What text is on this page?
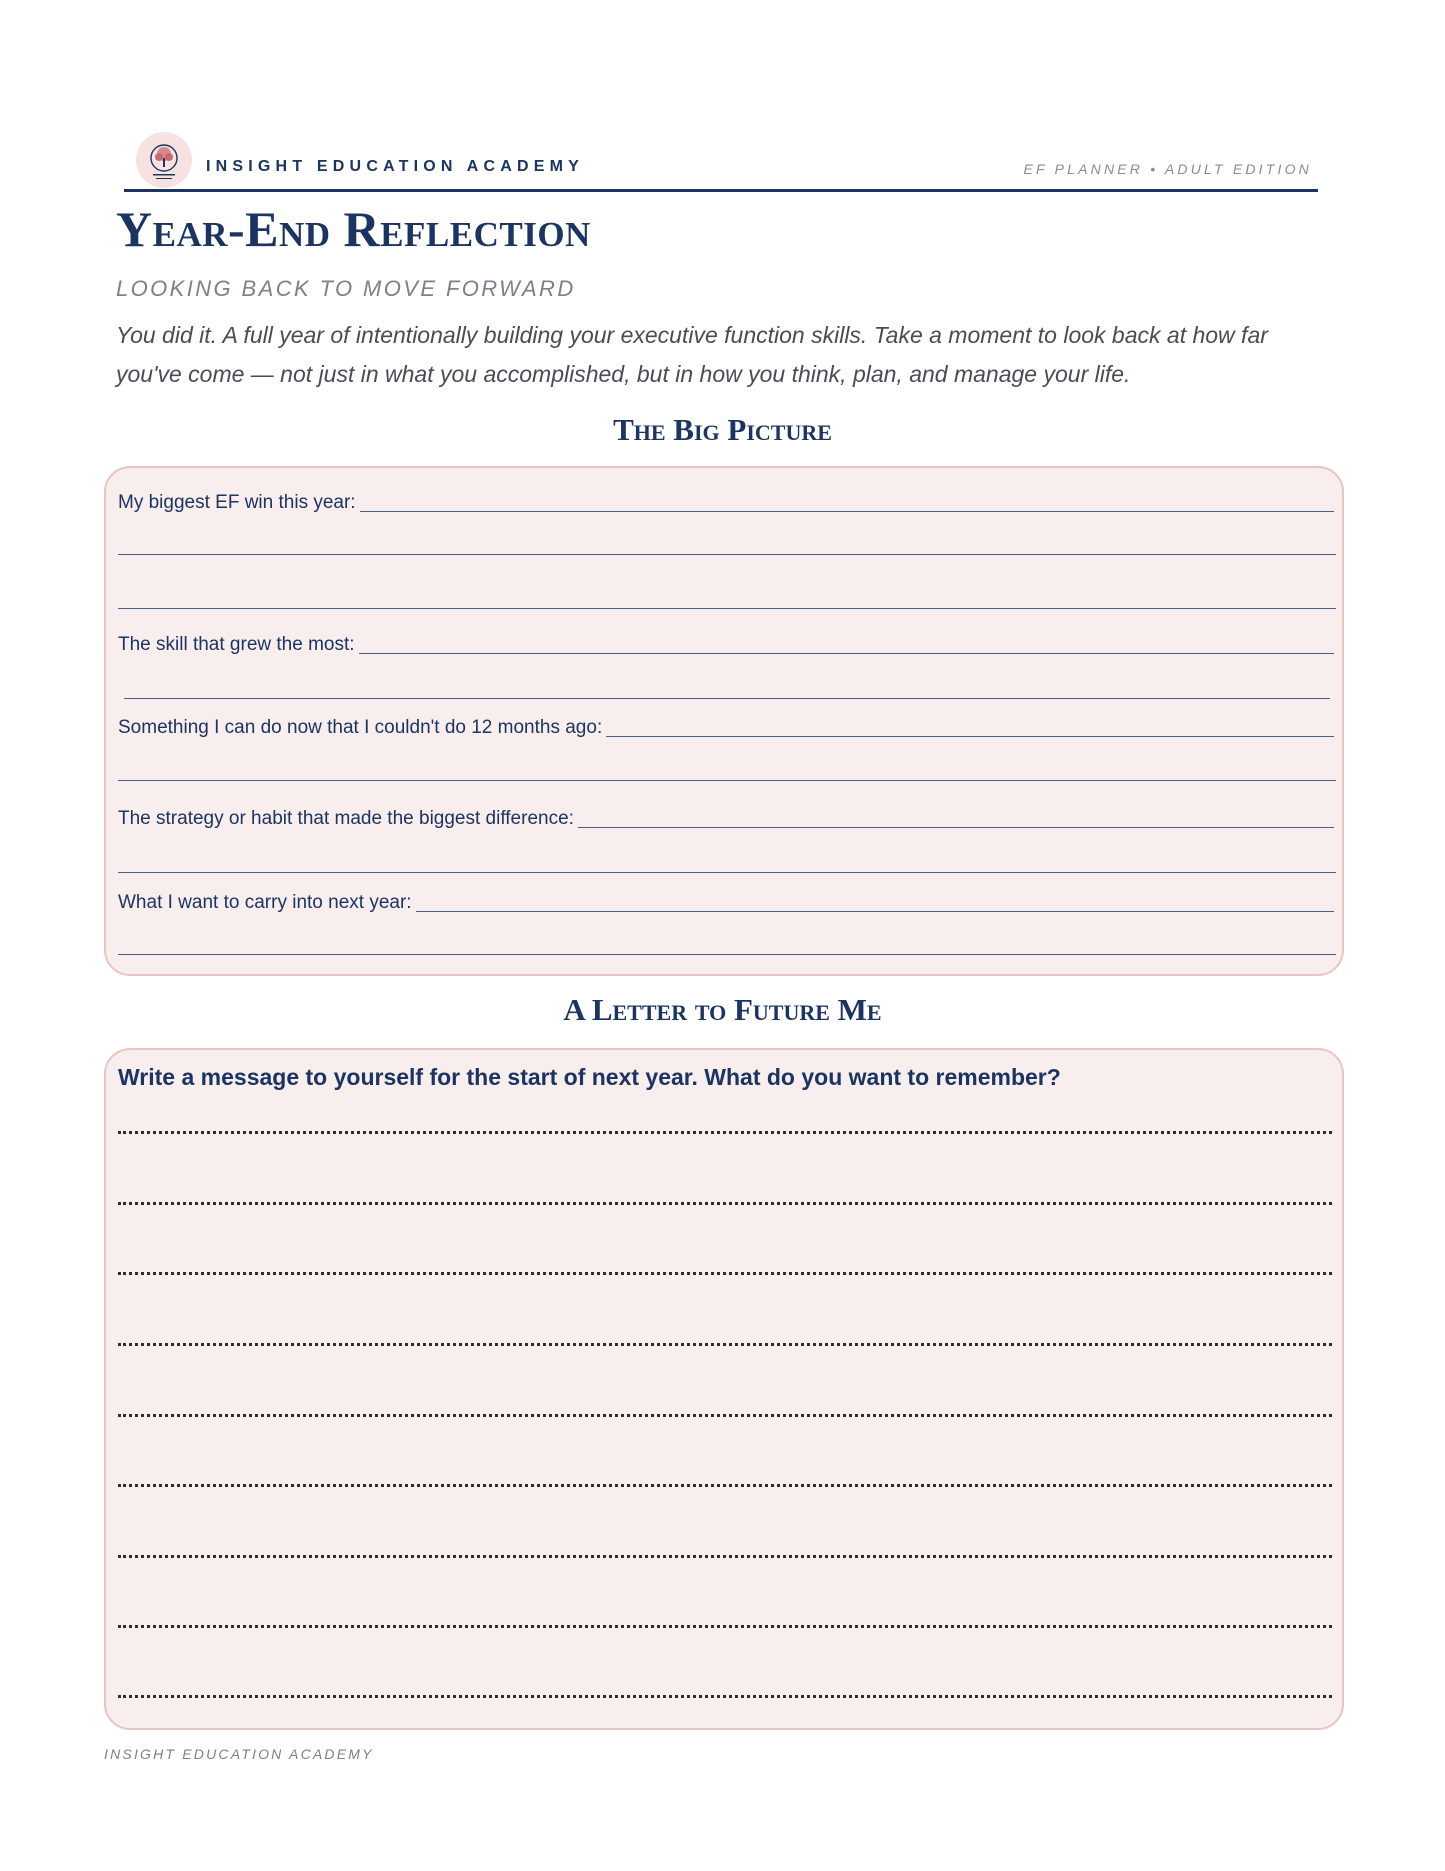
INSIGHT EDUCATION ACADEMY	EF PLANNER • ADULT EDITION
Year-End Reflection
LOOKING BACK TO MOVE FORWARD
You did it. A full year of intentionally building your executive function skills. Take a moment to look back at how far you've come — not just in what you accomplished, but in how you think, plan, and manage your life.
The Big Picture
My biggest EF win this year:
The skill that grew the most:
Something I can do now that I couldn't do 12 months ago:
The strategy or habit that made the biggest difference:
What I want to carry into next year:
A Letter to Future Me
Write a message to yourself for the start of next year. What do you want to remember?
INSIGHT EDUCATION ACADEMY
